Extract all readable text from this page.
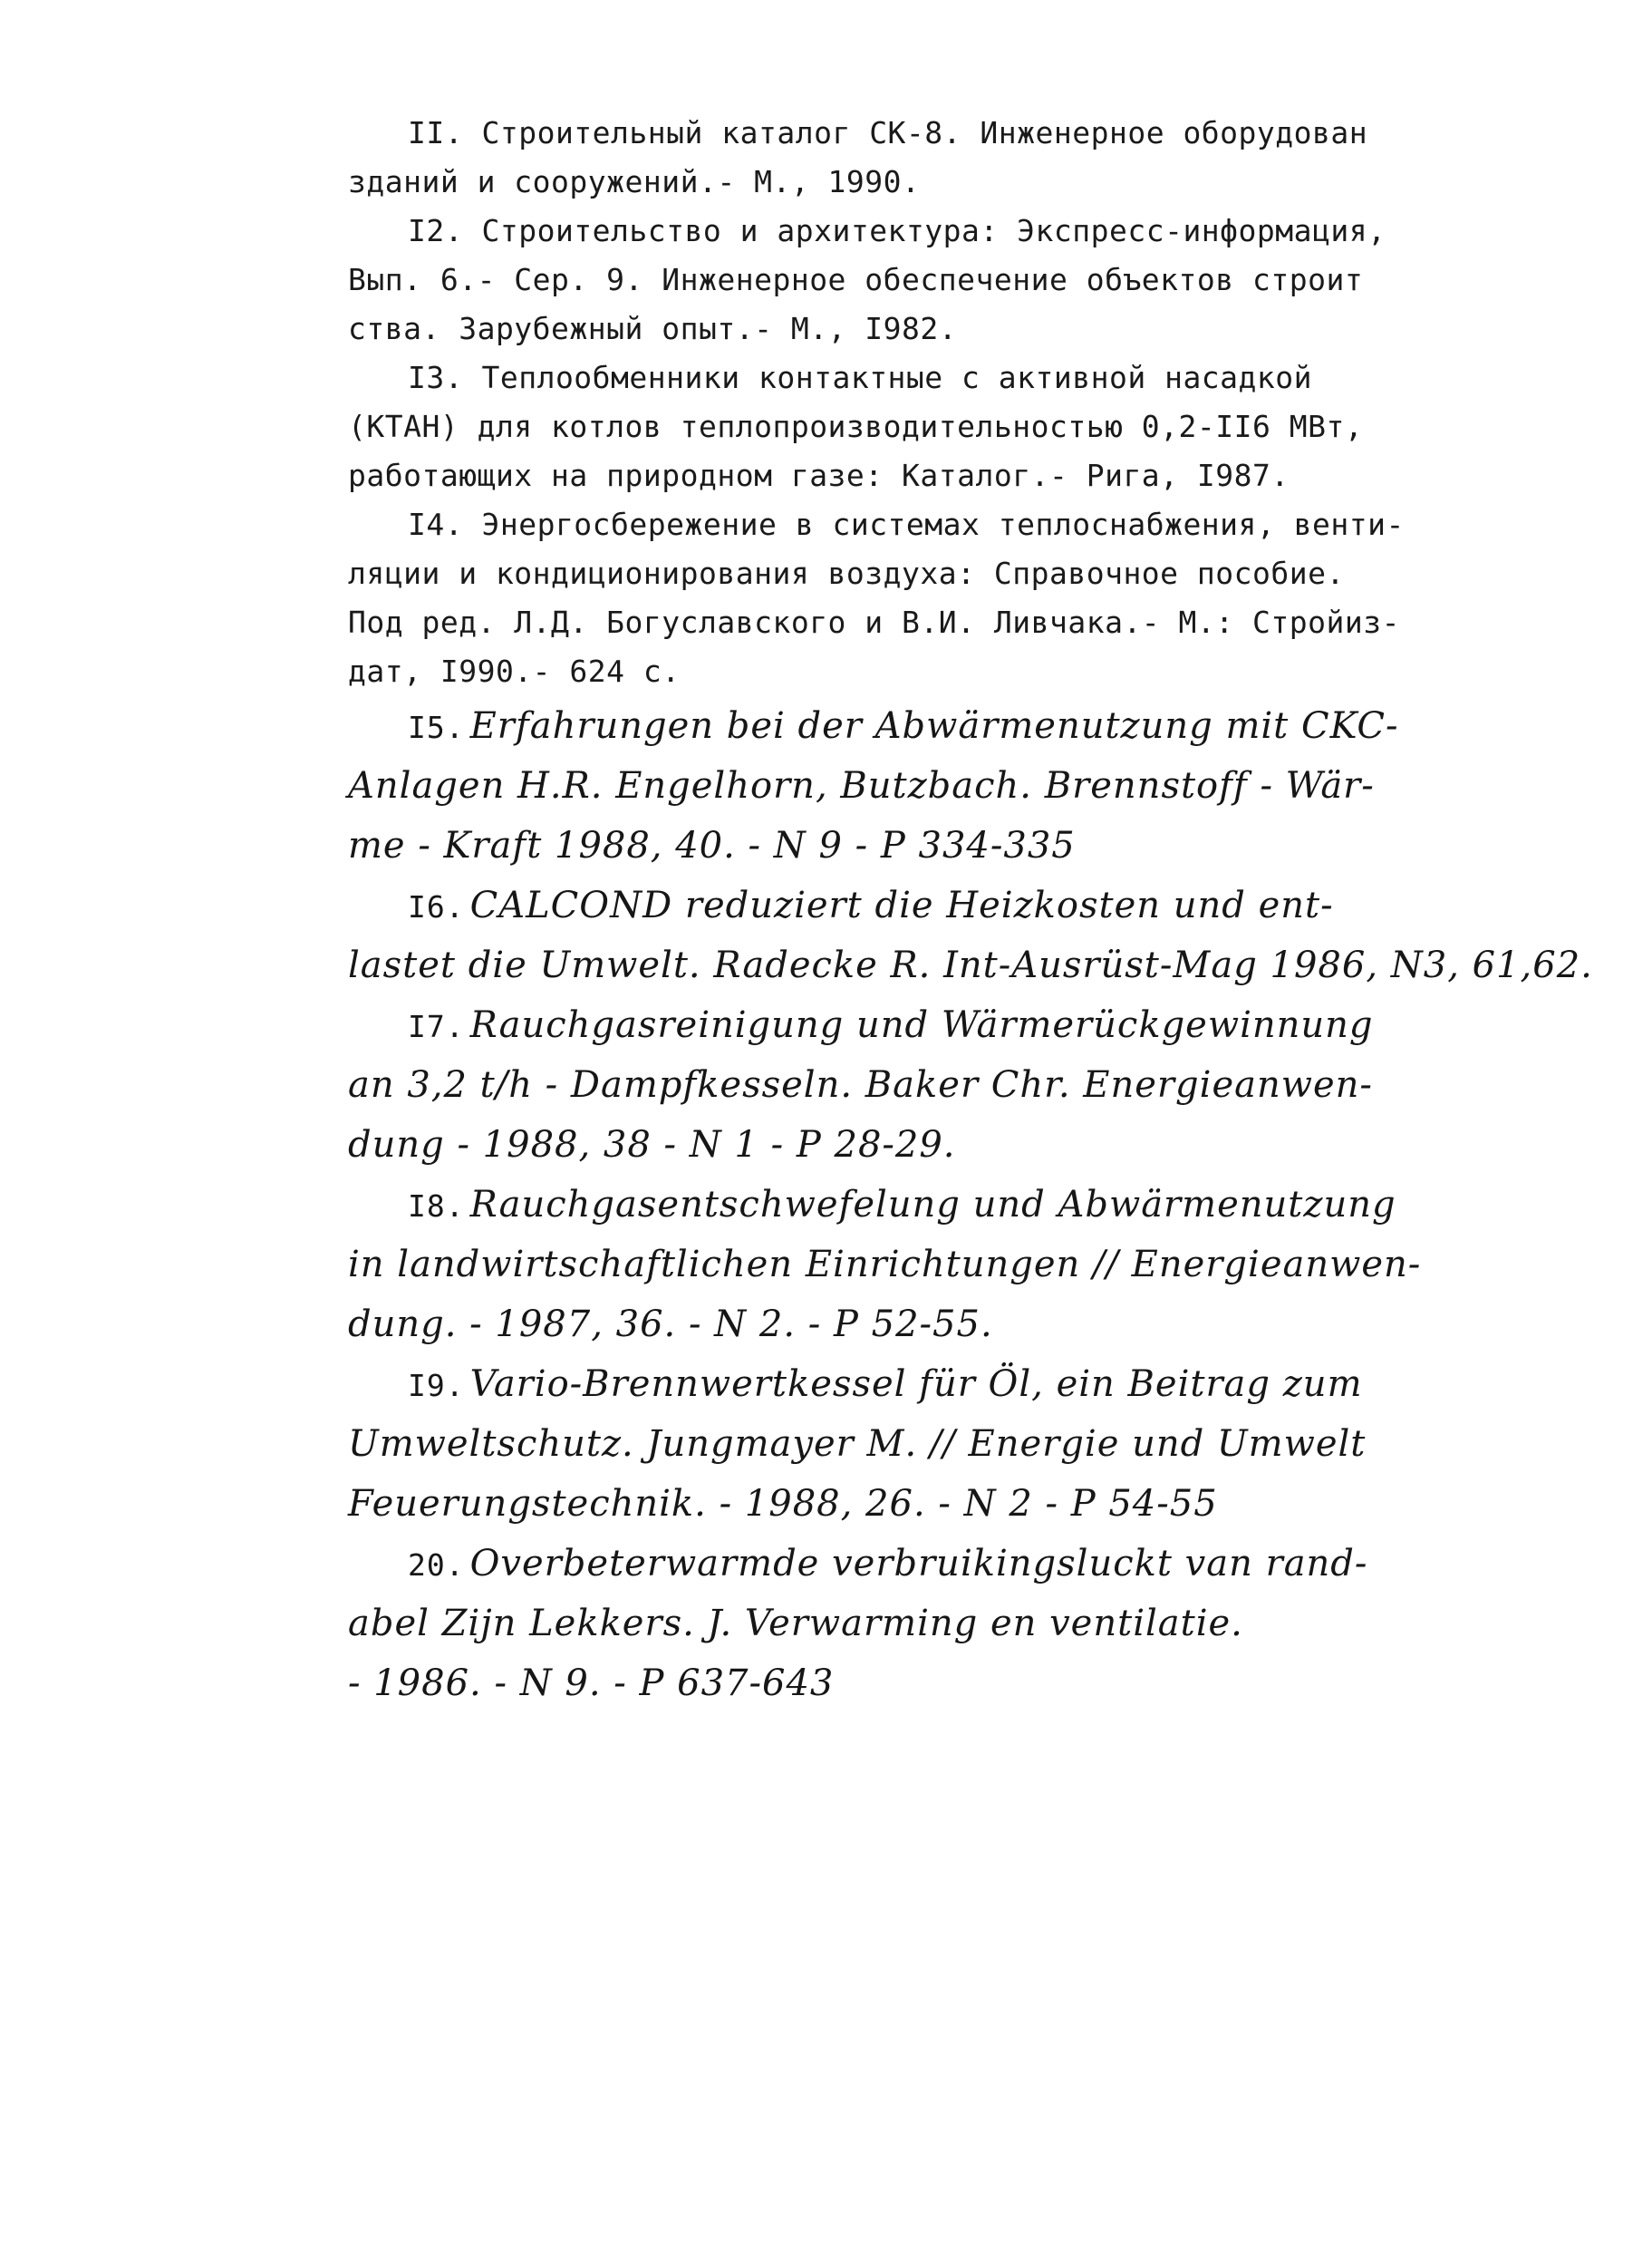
II. Строительный каталог СК-8. Инженерное оборудован
зданий и сооружений.- М., 1990.
I2. Строительство и архитектура: Экспресс-информация,
Вып. 6.- Сер. 9. Инженерное обеспечение объектов строит
ства. Зарубежный опыт.- М., I982.
I3. Теплообменники контактные с активной насадкой
(КТАН) для котлов теплопроизводительностью 0,2-II6 МВт,
работающих на природном газе: Каталог.- Рига, I987.
I4. Энергосбережение в системах теплоснабжения, венти-
ляции и кондиционирования воздуха: Справочное пособие.
Под ред. Л.Д. Богуславского и В.И. Ливчака.- М.: Стройиз-
дат, I990.- 624 с.
I5. Erfahrungen bei der Abwärmenutzung mit CKC-
Anlagen H.R. Engelhorn, Butzbach. Brennstoff - Wär-
me - Kraft 1988, 40. - N 9 - P 334-335
I6. CALCOND reduziert die Heizkosten und ent-
lastet die Umwelt. Radecke R. Int-Ausrüst-Mag 1986, N3, 61,62.
I7. Rauchgasreinigung und Wärmerückgewinnung
an 3,2 t/h - Dampfkesseln. Baker Chr. Energieanwen-
dung - 1988, 38 - N 1 - P 28-29.
I8. Rauchgasentschwefelung und Abwärmenutzung
in landwirtschaftlichen Einrichtungen // Energieanwen-
dung. - 1987, 36. - N 2. - P 52-55.
I9. Vario-Brennwertkessel für Öl, ein Beitrag zum
Umweltschutz. Jungmayer M. // Energie und Umwelt
Feuerungstechnik. - 1988, 26. - N 2 - P 54-55
20. Overbeterwarmde verbruikingsluckt van rand-
abel Zijn Lekkers. J. Verwarming en ventilatie.
- 1986. - N 9. - P 637-643
